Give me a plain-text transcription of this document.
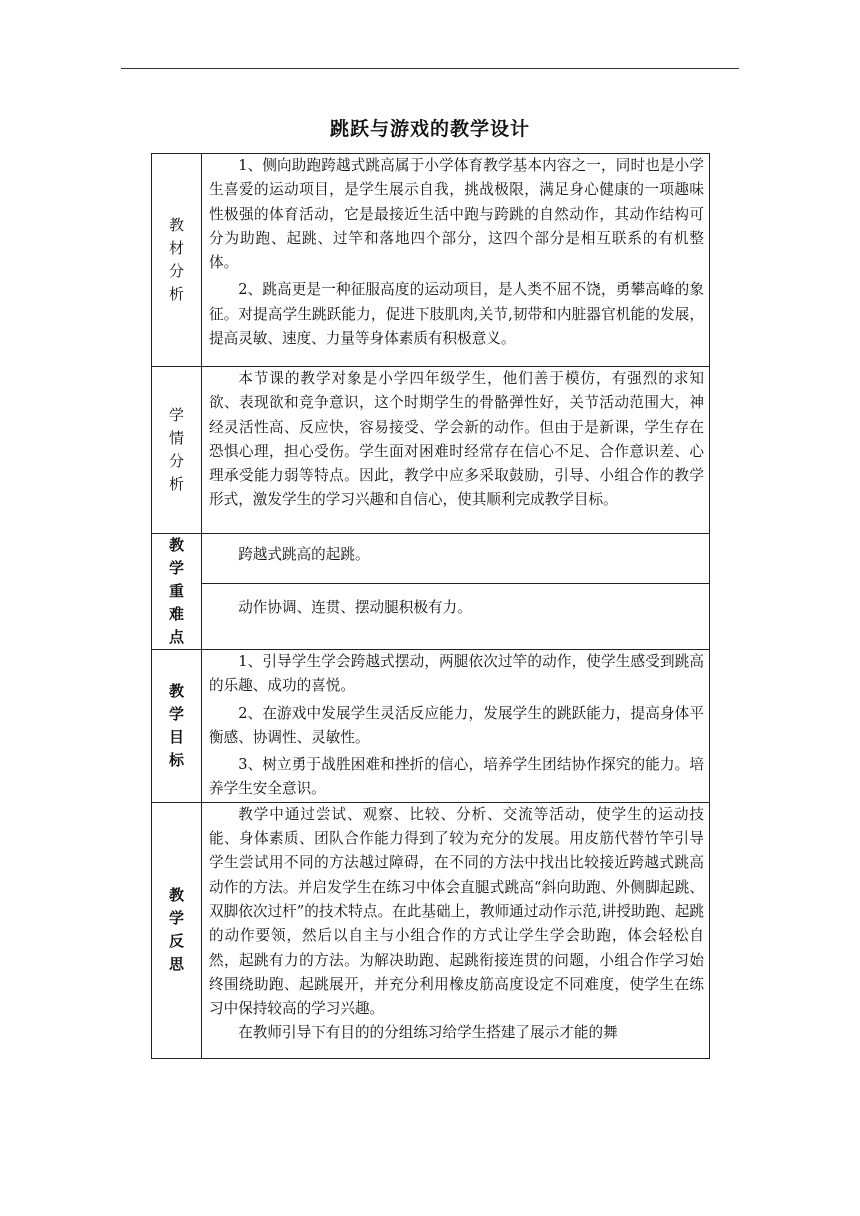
跳跃与游戏的教学设计
教材分析	1、侧向助跑跨越式跳高属于小学体育教学基本内容之一，同时也是小学生喜爱的运动项目，是学生展示自我，挑战极限，满足身心健康的一项趣味性极强的体育活动，它是最接近生活中跑与跨跳的自然动作，其动作结构可分为助跑、起跳、过竿和落地四个部分，这四个部分是相互联系的有机整体。

2、跳高更是一种征服高度的运动项目，是人类不屈不饶，勇攀高峰的象征。对提高学生跳跃能力，促进下肢肌肉,关节,韧带和内脏器官机能的发展，提高灵敏、速度、力量等身体素质有积极意义。

学情分析	本节课的教学对象是小学四年级学生，他们善于模仿，有强烈的求知欲、表现欲和竞争意识，这个时期学生的骨骼弹性好，关节活动范围大，神经灵活性高、反应快，容易接受、学会新的动作。但由于是新课，学生存在恐惧心理，担心受伤。学生面对困难时经常存在信心不足、合作意识差、心理承受能力弱等特点。因此，教学中应多采取鼓励，引导、小组合作的教学形式，激发学生的学习兴趣和自信心，使其顺利完成教学目标。

教学重难点	跨越式跳高的起跳。

动作协调、连贯、摆动腿积极有力。

教学目标	1、引导学生学会跨越式摆动，两腿依次过竿的动作，使学生感受到跳高的乐趣、成功的喜悦。

2、在游戏中发展学生灵活反应能力，发展学生的跳跃能力，提高身体平衡感、协调性、灵敏性。

3、树立勇于战胜困难和挫折的信心，培养学生团结协作探究的能力。培养学生安全意识。

教学反思	教学中通过尝试、观察、比较、分析、交流等活动，使学生的运动技能、身体素质、团队合作能力得到了较为充分的发展。用皮筋代替竹竿引导学生尝试用不同的方法越过障碍，在不同的方法中找出比较接近跨越式跳高动作的方法。并启发学生在练习中体会直腿式跳高“斜向助跑、外侧脚起跳、双脚依次过杆”的技术特点。在此基础上，教师通过动作示范,讲授助跑、起跳的动作要领，然后以自主与小组合作的方式让学生学会助跑，体会轻松自然，起跳有力的方法。为解决助跑、起跳衔接连贯的问题，小组合作学习始终围绕助跑、起跳展开，并充分利用橡皮筋高度设定不同难度，使学生在练习中保持较高的学习兴趣。

在教师引导下有目的的分组练习给学生搭建了展示才能的舞
